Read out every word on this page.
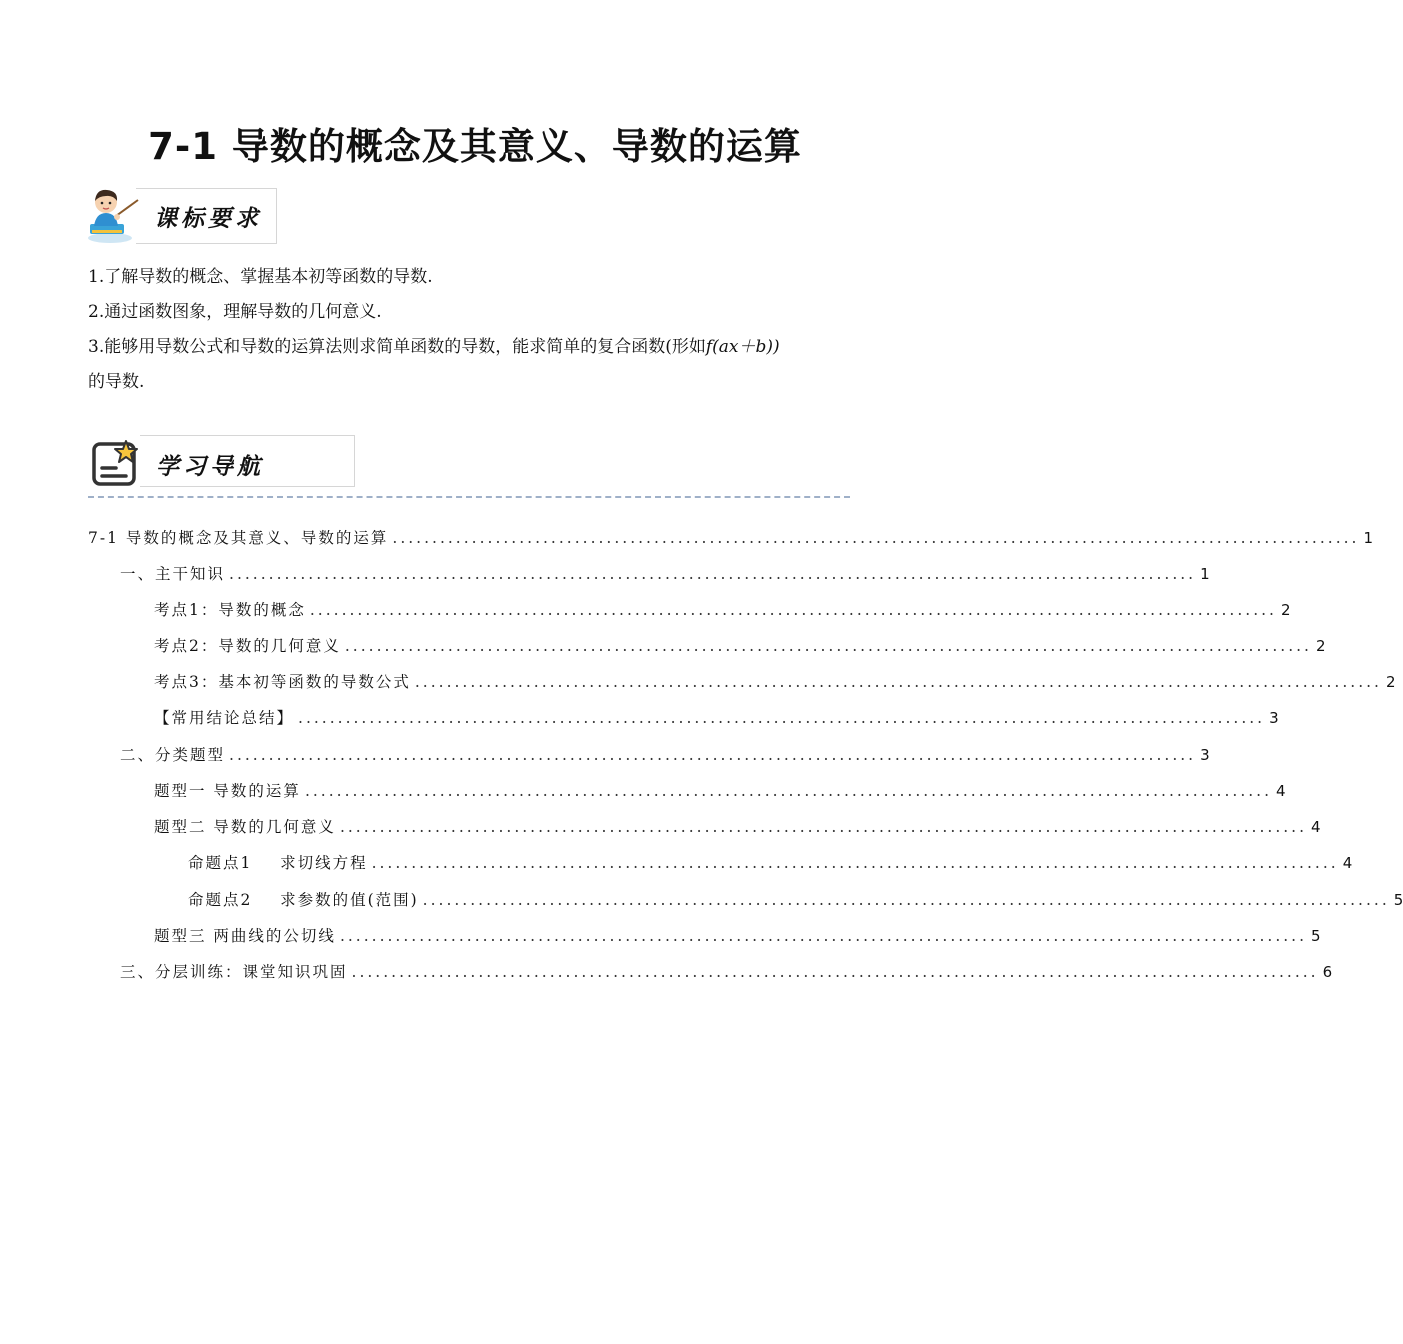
7-1 导数的概念及其意义、导数的运算
课标要求

1.了解导数的概念、掌握基本初等函数的导数.

2.通过函数图象，理解导数的几何意义.

3.能够用导数公式和导数的运算法则求简单函数的导数，能求简单的复合函数(形如f(ax＋b))

的导数.

学习导航
7-1 导数的概念及其意义、导数的运算 .......................................................................................................................... 1
一、主干知识 .......................................................................................................................... 1
考点1：导数的概念 .......................................................................................................................... 2
考点2：导数的几何意义 .......................................................................................................................... 2
考点3：基本初等函数的导数公式 .......................................................................................................................... 2
【常用结论总结】 .......................................................................................................................... 3
二、分类题型 .......................................................................................................................... 3
题型一 导数的运算 .......................................................................................................................... 4
题型二 导数的几何意义 .......................................................................................................................... 4
命题点1    求切线方程 .......................................................................................................................... 4
命题点2    求参数的值(范围) .......................................................................................................................... 5
题型三 两曲线的公切线 .......................................................................................................................... 5
三、分层训练：课堂知识巩固 .......................................................................................................................... 6
